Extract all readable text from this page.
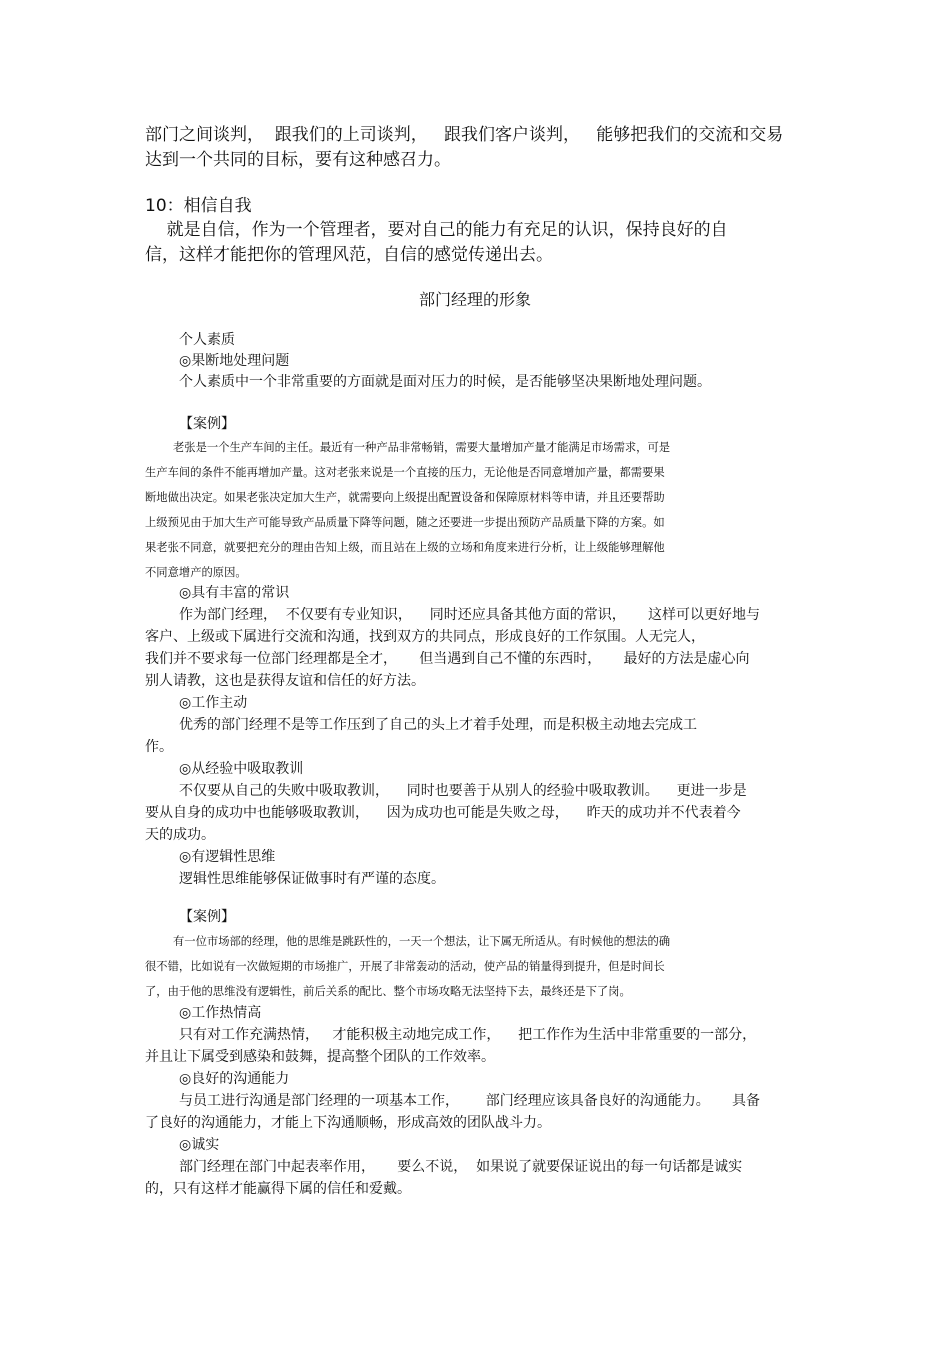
部门之间谈判，  跟我们的上司谈判，   跟我们客户谈判，   能够把我们的交流和交易

达到一个共同的目标，要有这种感召力。

10：相信自我

就是自信，作为一个管理者，要对自己的能力有充足的认识，保持良好的自

信，这样才能把你的管理风范，自信的感觉传递出去。

部门经理的形象

个人素质

◎果断地处理问题

个人素质中一个非常重要的方面就是面对压力的时候，是否能够坚决果断地处理问题。

【案例】

老张是一个生产车间的主任。最近有一种产品非常畅销，需要大量增加产量才能满足市场需求，可是

生产车间的条件不能再增加产量。这对老张来说是一个直接的压力，无论他是否同意增加产量，都需要果

断地做出决定。如果老张决定加大生产，就需要向上级提出配置设备和保障原材料等申请，并且还要帮助

上级预见由于加大生产可能导致产品质量下降等问题，随之还要进一步提出预防产品质量下降的方案。如

果老张不同意，就要把充分的理由告知上级，而且站在上级的立场和角度来进行分析，让上级能够理解他

不同意增产的原因。

◎具有丰富的常识

作为部门经理，  不仅要有专业知识，    同时还应具备其他方面的常识，     这样可以更好地与

客户、上级或下属进行交流和沟通，找到双方的共同点，形成良好的工作氛围。人无完人，

我们并不要求每一位部门经理都是全才，     但当遇到自己不懂的东西时，     最好的方法是虚心向

别人请教，这也是获得友谊和信任的好方法。

◎工作主动

优秀的部门经理不是等工作压到了自己的头上才着手处理，而是积极主动地去完成工

作。

◎从经验中吸取教训

不仅要从自己的失败中吸取教训，    同时也要善于从别人的经验中吸取教训。    更进一步是

要从自身的成功中也能够吸取教训，    因为成功也可能是失败之母，    昨天的成功并不代表着今

天的成功。

◎有逻辑性思维

逻辑性思维能够保证做事时有严谨的态度。

【案例】

有一位市场部的经理，他的思维是跳跃性的，一天一个想法，让下属无所适从。有时候他的想法的确

很不错，比如说有一次做短期的市场推广，开展了非常轰动的活动，使产品的销量得到提升，但是时间长

了，由于他的思维没有逻辑性，前后关系的配比、整个市场攻略无法坚持下去，最终还是下了岗。

◎工作热情高

只有对工作充满热情，   才能积极主动地完成工作，    把工作作为生活中非常重要的一部分，

并且让下属受到感染和鼓舞，提高整个团队的工作效率。

◎良好的沟通能力

与员工进行沟通是部门经理的一项基本工作，      部门经理应该具备良好的沟通能力。     具备

了良好的沟通能力，才能上下沟通顺畅，形成高效的团队战斗力。

◎诚实

部门经理在部门中起表率作用，     要么不说，  如果说了就要保证说出的每一句话都是诚实

的，只有这样才能赢得下属的信任和爱戴。
